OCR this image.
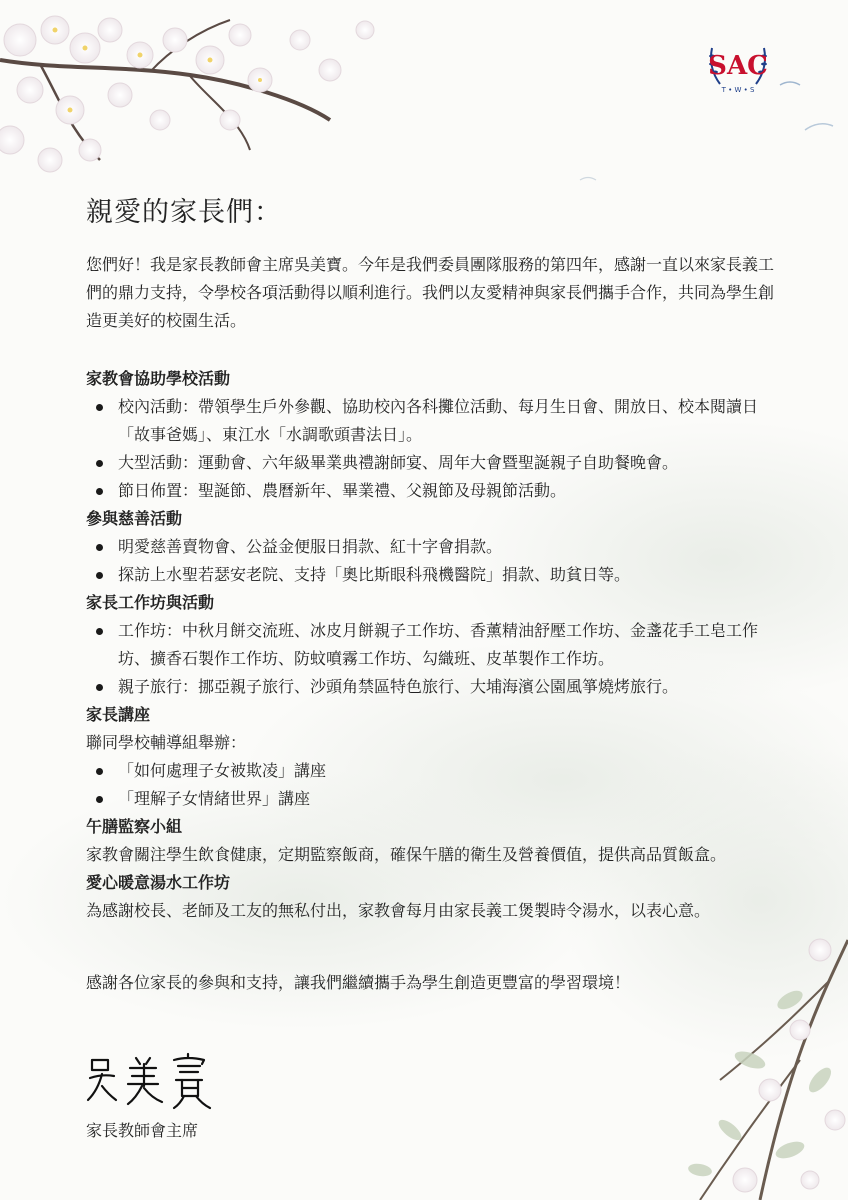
SAC
T • W • S
親愛的家長們：

您們好！我是家長教師會主席吳美寶。今年是我們委員團隊服務的第四年，感謝一直以來家長義工們的鼎力支持，令學校各項活動得以順利進行。我們以友愛精神與家長們攜手合作，共同為學生創造更美好的校園生活。

家教會協助學校活動

校內活動：帶領學生戶外參觀、協助校內各科攤位活動、每月生日會、開放日、校本閱讀日「故事爸媽」、東江水「水調歌頭書法日」。
大型活動：運動會、六年級畢業典禮謝師宴、周年大會暨聖誕親子自助餐晚會。
節日佈置：聖誕節、農曆新年、畢業禮、父親節及母親節活動。

參與慈善活動

明愛慈善賣物會、公益金便服日捐款、紅十字會捐款。
探訪上水聖若瑟安老院、支持「奧比斯眼科飛機醫院」捐款、助貧日等。

家長工作坊與活動

工作坊：中秋月餅交流班、冰皮月餅親子工作坊、香薰精油舒壓工作坊、金盞花手工皂工作坊、擴香石製作工作坊、防蚊噴霧工作坊、勾織班、皮革製作工作坊。
親子旅行：挪亞親子旅行、沙頭角禁區特色旅行、大埔海濱公園風箏燒烤旅行。

家長講座

聯同學校輔導組舉辦：

「如何處理子女被欺凌」講座
「理解子女情緒世界」講座

午膳監察小組

家教會關注學生飲食健康，定期監察飯商，確保午膳的衛生及營養價值，提供高品質飯盒。

愛心暖意湯水工作坊

為感謝校長、老師及工友的無私付出，家教會每月由家長義工煲製時令湯水，以表心意。

感謝各位家長的參與和支持，讓我們繼續攜手為學生創造更豐富的學習環境！

家長教師會主席
